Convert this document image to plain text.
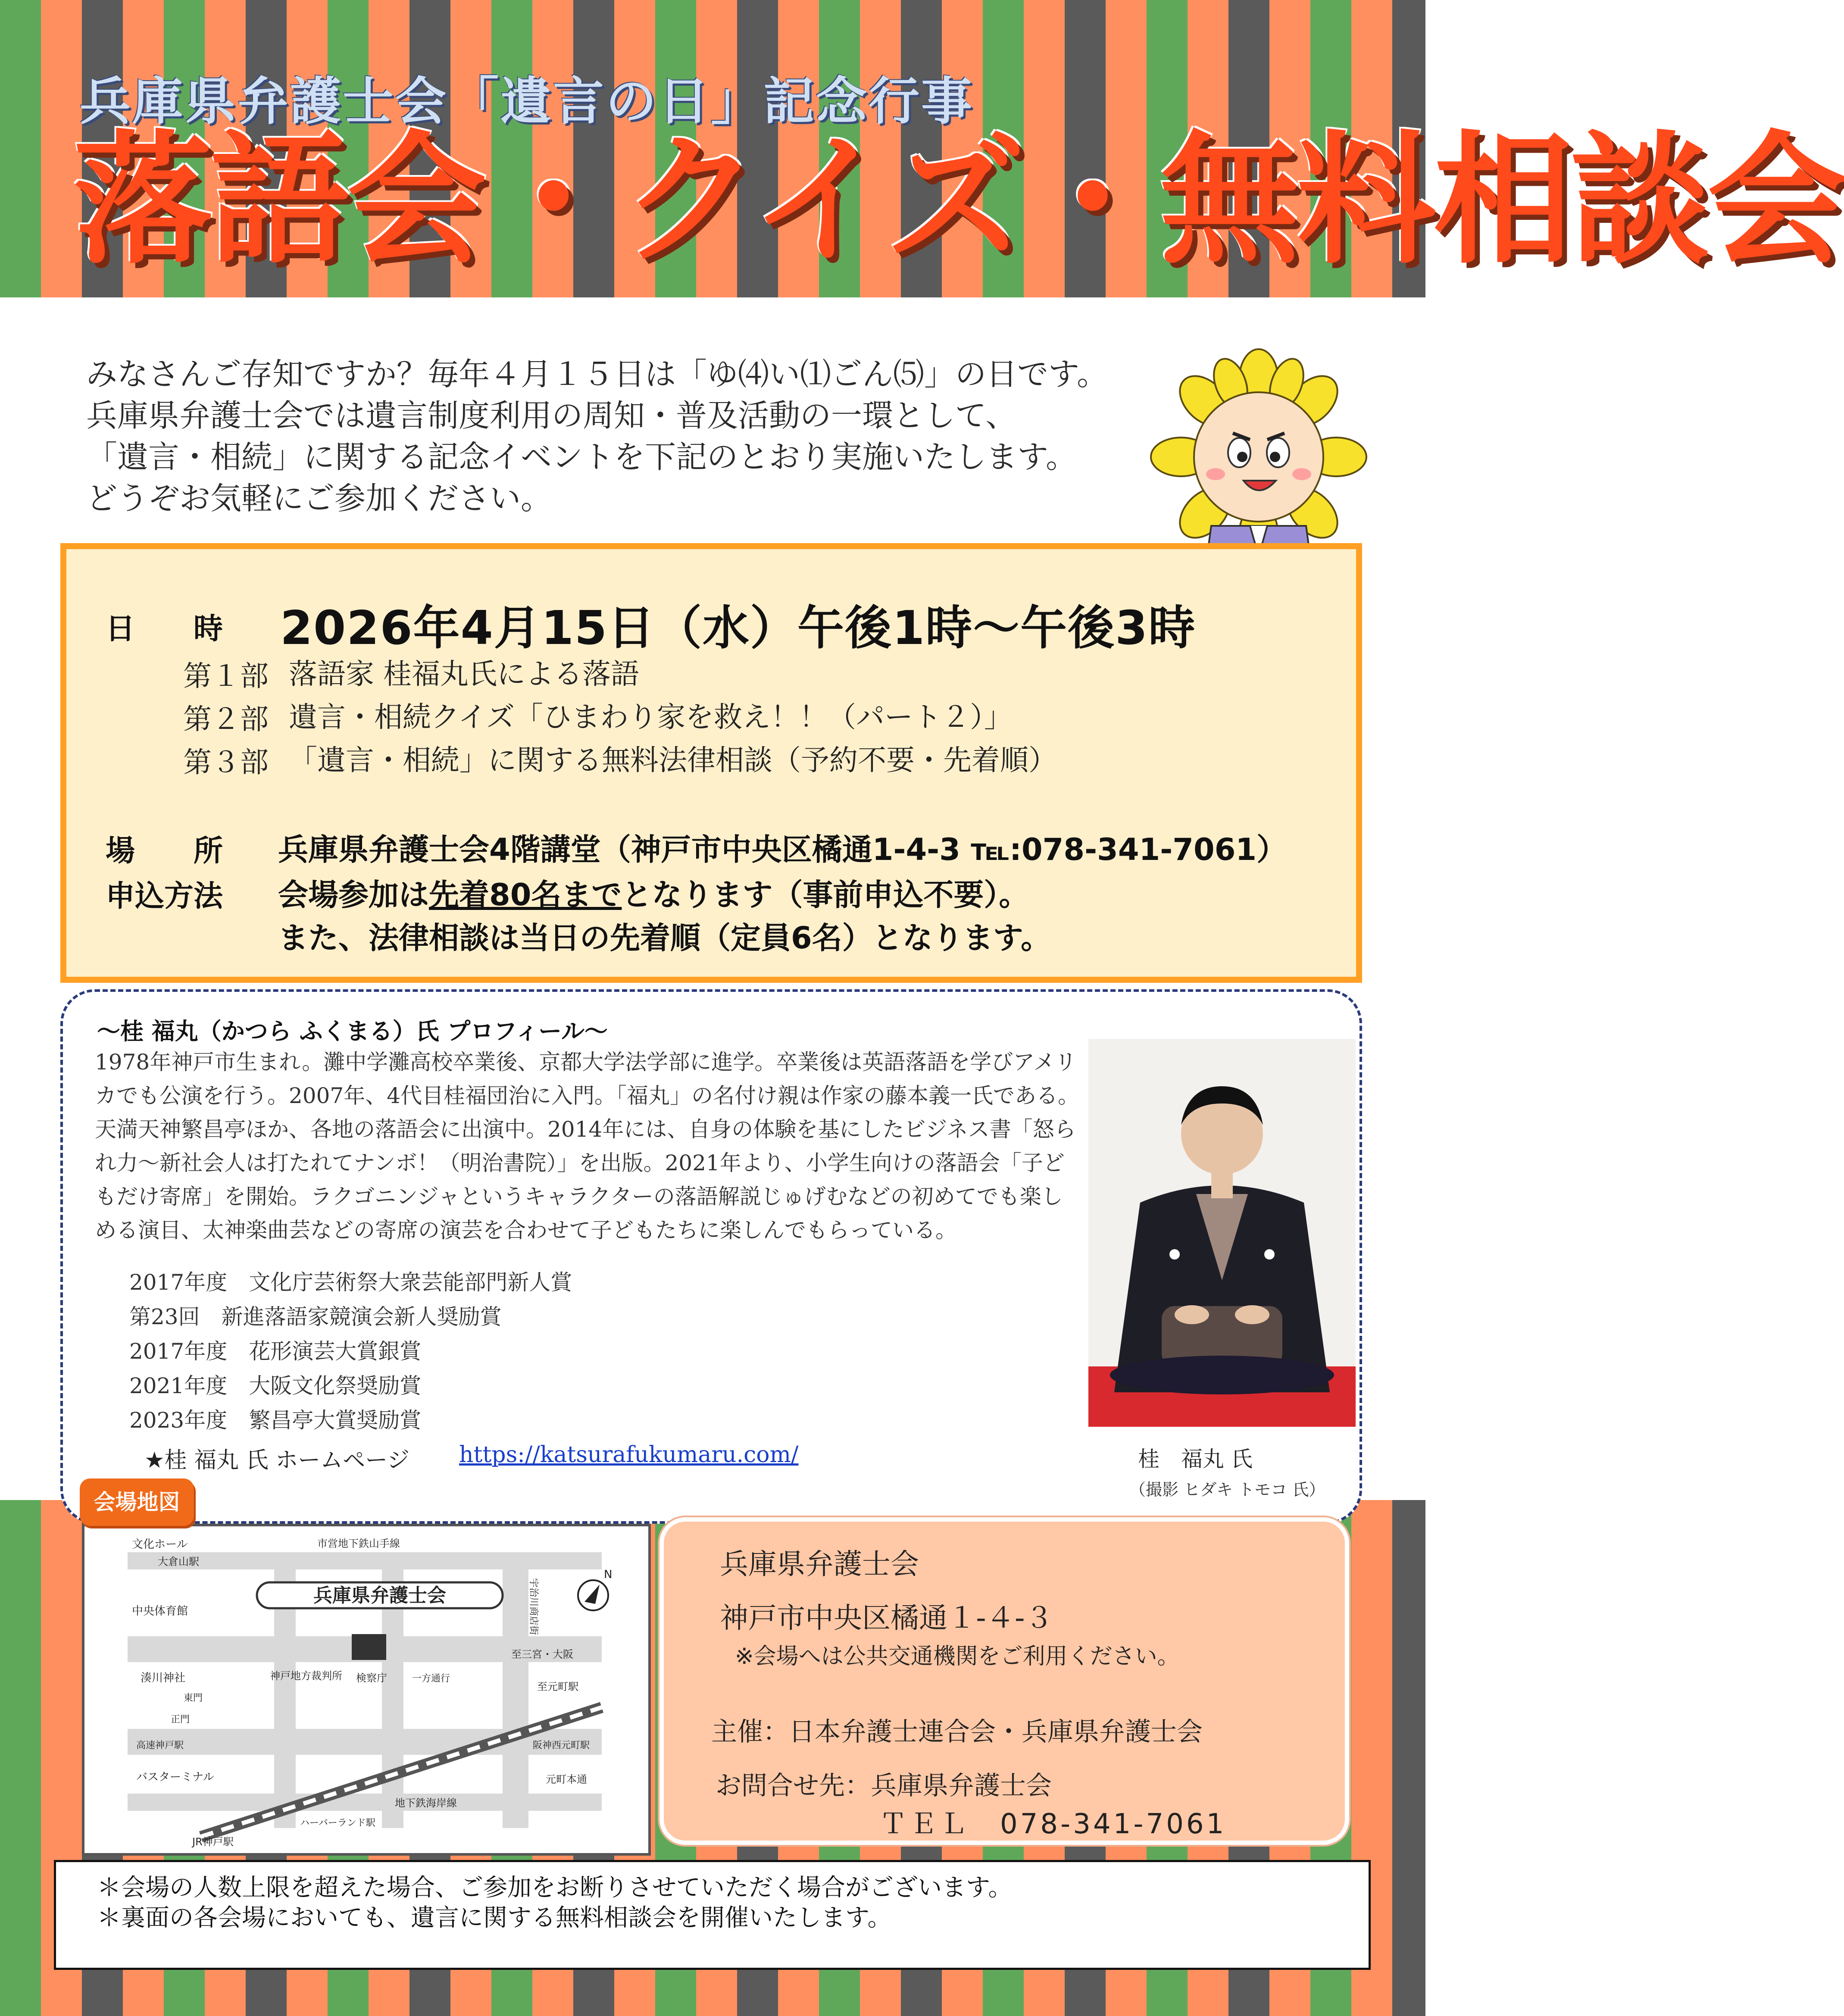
兵庫県弁護士会「遺言の日」記念行事
落語会・クイズ・無料相談会
みなさんご存知ですか？毎年４月１５日は「ゆ⑷い⑴ごん⑸」の日です。
兵庫県弁護士会では遺言制度利用の周知・普及活動の一環として、
「遺言・相続」に関する記念イベントを下記のとおり実施いたします。
どうぞお気軽にご参加ください。
日　　時 2026年4月15日（水）午後1時～午後3時
第１部 落語家 桂福丸氏による落語
第２部 遺言・相続クイズ「ひまわり家を救え！！（パート２）」
第３部 「遺言・相続」に関する無料法律相談（予約不要・先着順）
場　　所 兵庫県弁護士会4階講堂（神戸市中央区橘通1-4-3 ℡:078-341-7061）
申込方法 会場参加は先着80名までとなります（事前申込不要）。
また、法律相談は当日の先着順（定員6名）となります。
～桂 福丸（かつら ふくまる）氏 プロフィール～
1978年神戸市生まれ。灘中学灘高校卒業後、京都大学法学部に進学。卒業後は英語落語を学びアメリカでも公演を行う。2007年、4代目桂福団治に入門。「福丸」の名付け親は作家の藤本義一氏である。天満天神繁昌亭ほか、各地の落語会に出演中。2014年には、自身の体験を基にしたビジネス書「怒られ力～新社会人は打たれてナンボ！（明治書院）」を出版。2021年より、小学生向けの落語会「子どもだけ寄席」を開始。ラクゴニンジャというキャラクターの落語解説じゅげむなどの初めてでも楽しめる演目、太神楽曲芸などの寄席の演芸を合わせて子どもたちに楽しんでもらっている。
2017年度　文化庁芸術祭大衆芸能部門新人賞
第23回　新進落語家競演会新人奨励賞
2017年度　花形演芸大賞銀賞
2021年度　大阪文化祭奨励賞
2023年度　繁昌亭大賞奨励賞
★桂 福丸 氏 ホームページ https://katsurafukumaru.com/	桂　福丸 氏
（撮影 ヒダキ トモコ 氏）
兵庫県弁護士会
N
文化ホール
大倉山駅
市営地下鉄山手線
中央体育館	宇治川商店街
湊川神社
東門
神戸地方裁判所 検察庁	一方通行
至三宮・大阪
至元町駅
正門
高速神戸駅	阪神西元町駅
バスターミナル	元町本通
JR神戸駅
ハーバーランド駅
地下鉄海岸線
会場地図
兵庫県弁護士会
神戸市中央区橘通１-４-３
※会場へは公共交通機関をご利用ください。
主催：日本弁護士連合会・兵庫県弁護士会
お問合せ先：兵庫県弁護士会
ＴＥＬ　078-341-7061
＊会場の人数上限を超えた場合、ご参加をお断りさせていただく場合がございます。
＊裏面の各会場においても、遺言に関する無料相談会を開催いたします。
